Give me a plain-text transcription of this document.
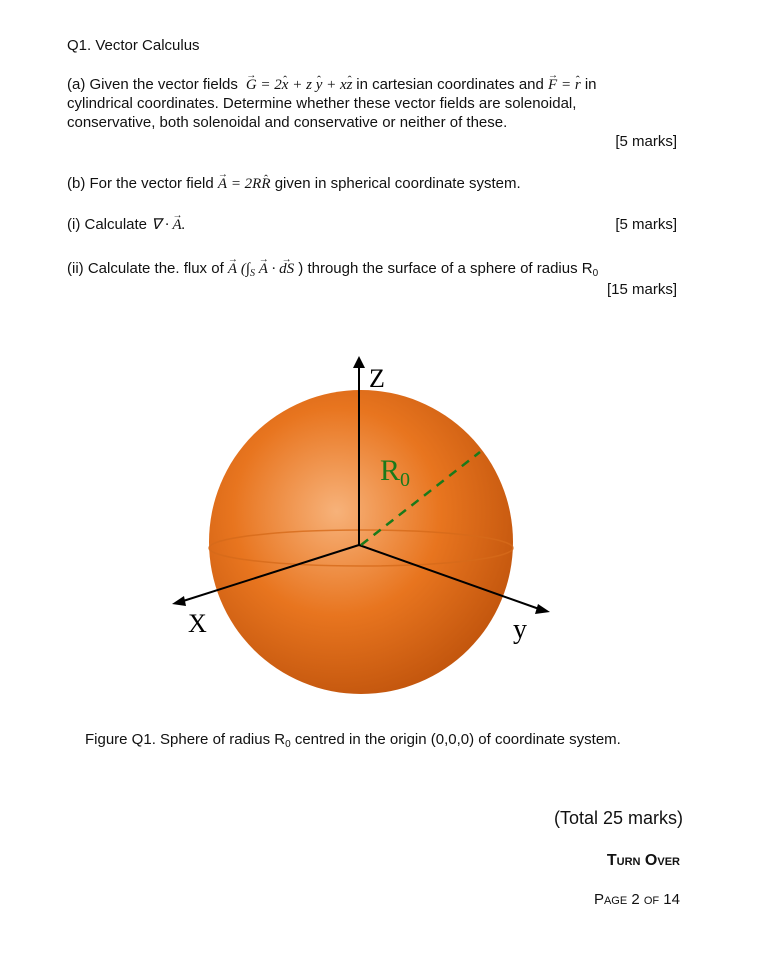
Q1. Vector Calculus
(a) Given the vector fields → G = 2ˆ x + z ˆ y + xˆ z in cartesian coordinates and → F = ˆ r in
cylindrical coordinates. Determine whether these vector fields are solenoidal,
conservative, both solenoidal and conservative or neither of these.
[5 marks]
(b) For the vector field → A = 2Rˆ R given in spherical coordinate system.
(i) Calculate ∇ · → A.	[5 marks]
(ii) Calculate the. flux of → A ($\int_S \to A$ · → dS ) through the surface of a sphere of radius $R_0$
[15 marks]
Z
X	y
$R_0$
Figure Q1. Sphere of radius $R_0$ centred in the origin (0,0,0) of coordinate system.
(Total 25 marks)
Turn Over
Page 2 of 14
